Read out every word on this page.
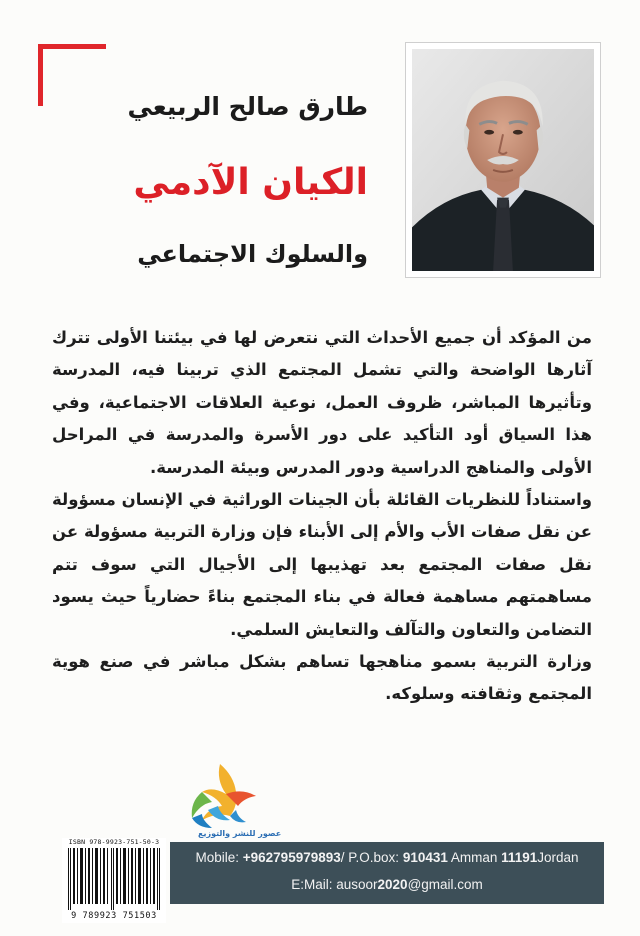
طارق صالح الربيعي
الكيان الآدمي
والسلوك الاجتماعي

من المؤكد أن جميع الأحداث التي نتعرض لها في بيئتنا الأولى تترك آثارها الواضحة والتي تشمل المجتمع الذي تربينا فيه، المدرسة وتأثيرها المباشر، ظروف العمل، نوعية العلاقات الاجتماعية، وفي هذا السياق أود التأكيد على دور الأسرة والمدرسة في المراحل الأولى والمناهج الدراسية ودور المدرس وبيئة المدرسة.

واستناداً للنظريات القائلة بأن الجينات الوراثية في الإنسان مسؤولة عن نقل صفات الأب والأم إلى الأبناء فإن وزارة التربية مسؤولة عن نقل صفات المجتمع بعد تهذيبها إلى الأجيال التي سوف تتم مساهمتهم مساهمة فعالة في بناء المجتمع بناءً حضارياً حيث يسود التضامن والتعاون والتآلف والتعايش السلمي.

وزارة التربية بسمو مناهجها تساهم بشكل مباشر في صنع هوية المجتمع وثقافته وسلوكه.

عصور للنشر والتوزيع
ISBN 978-9923-751-50-3
9 789923 751503
Mobile: +962795979893/ P.O.box: 910431 Amman 11191Jordan
E:Mail: ausoor2020@gmail.com
